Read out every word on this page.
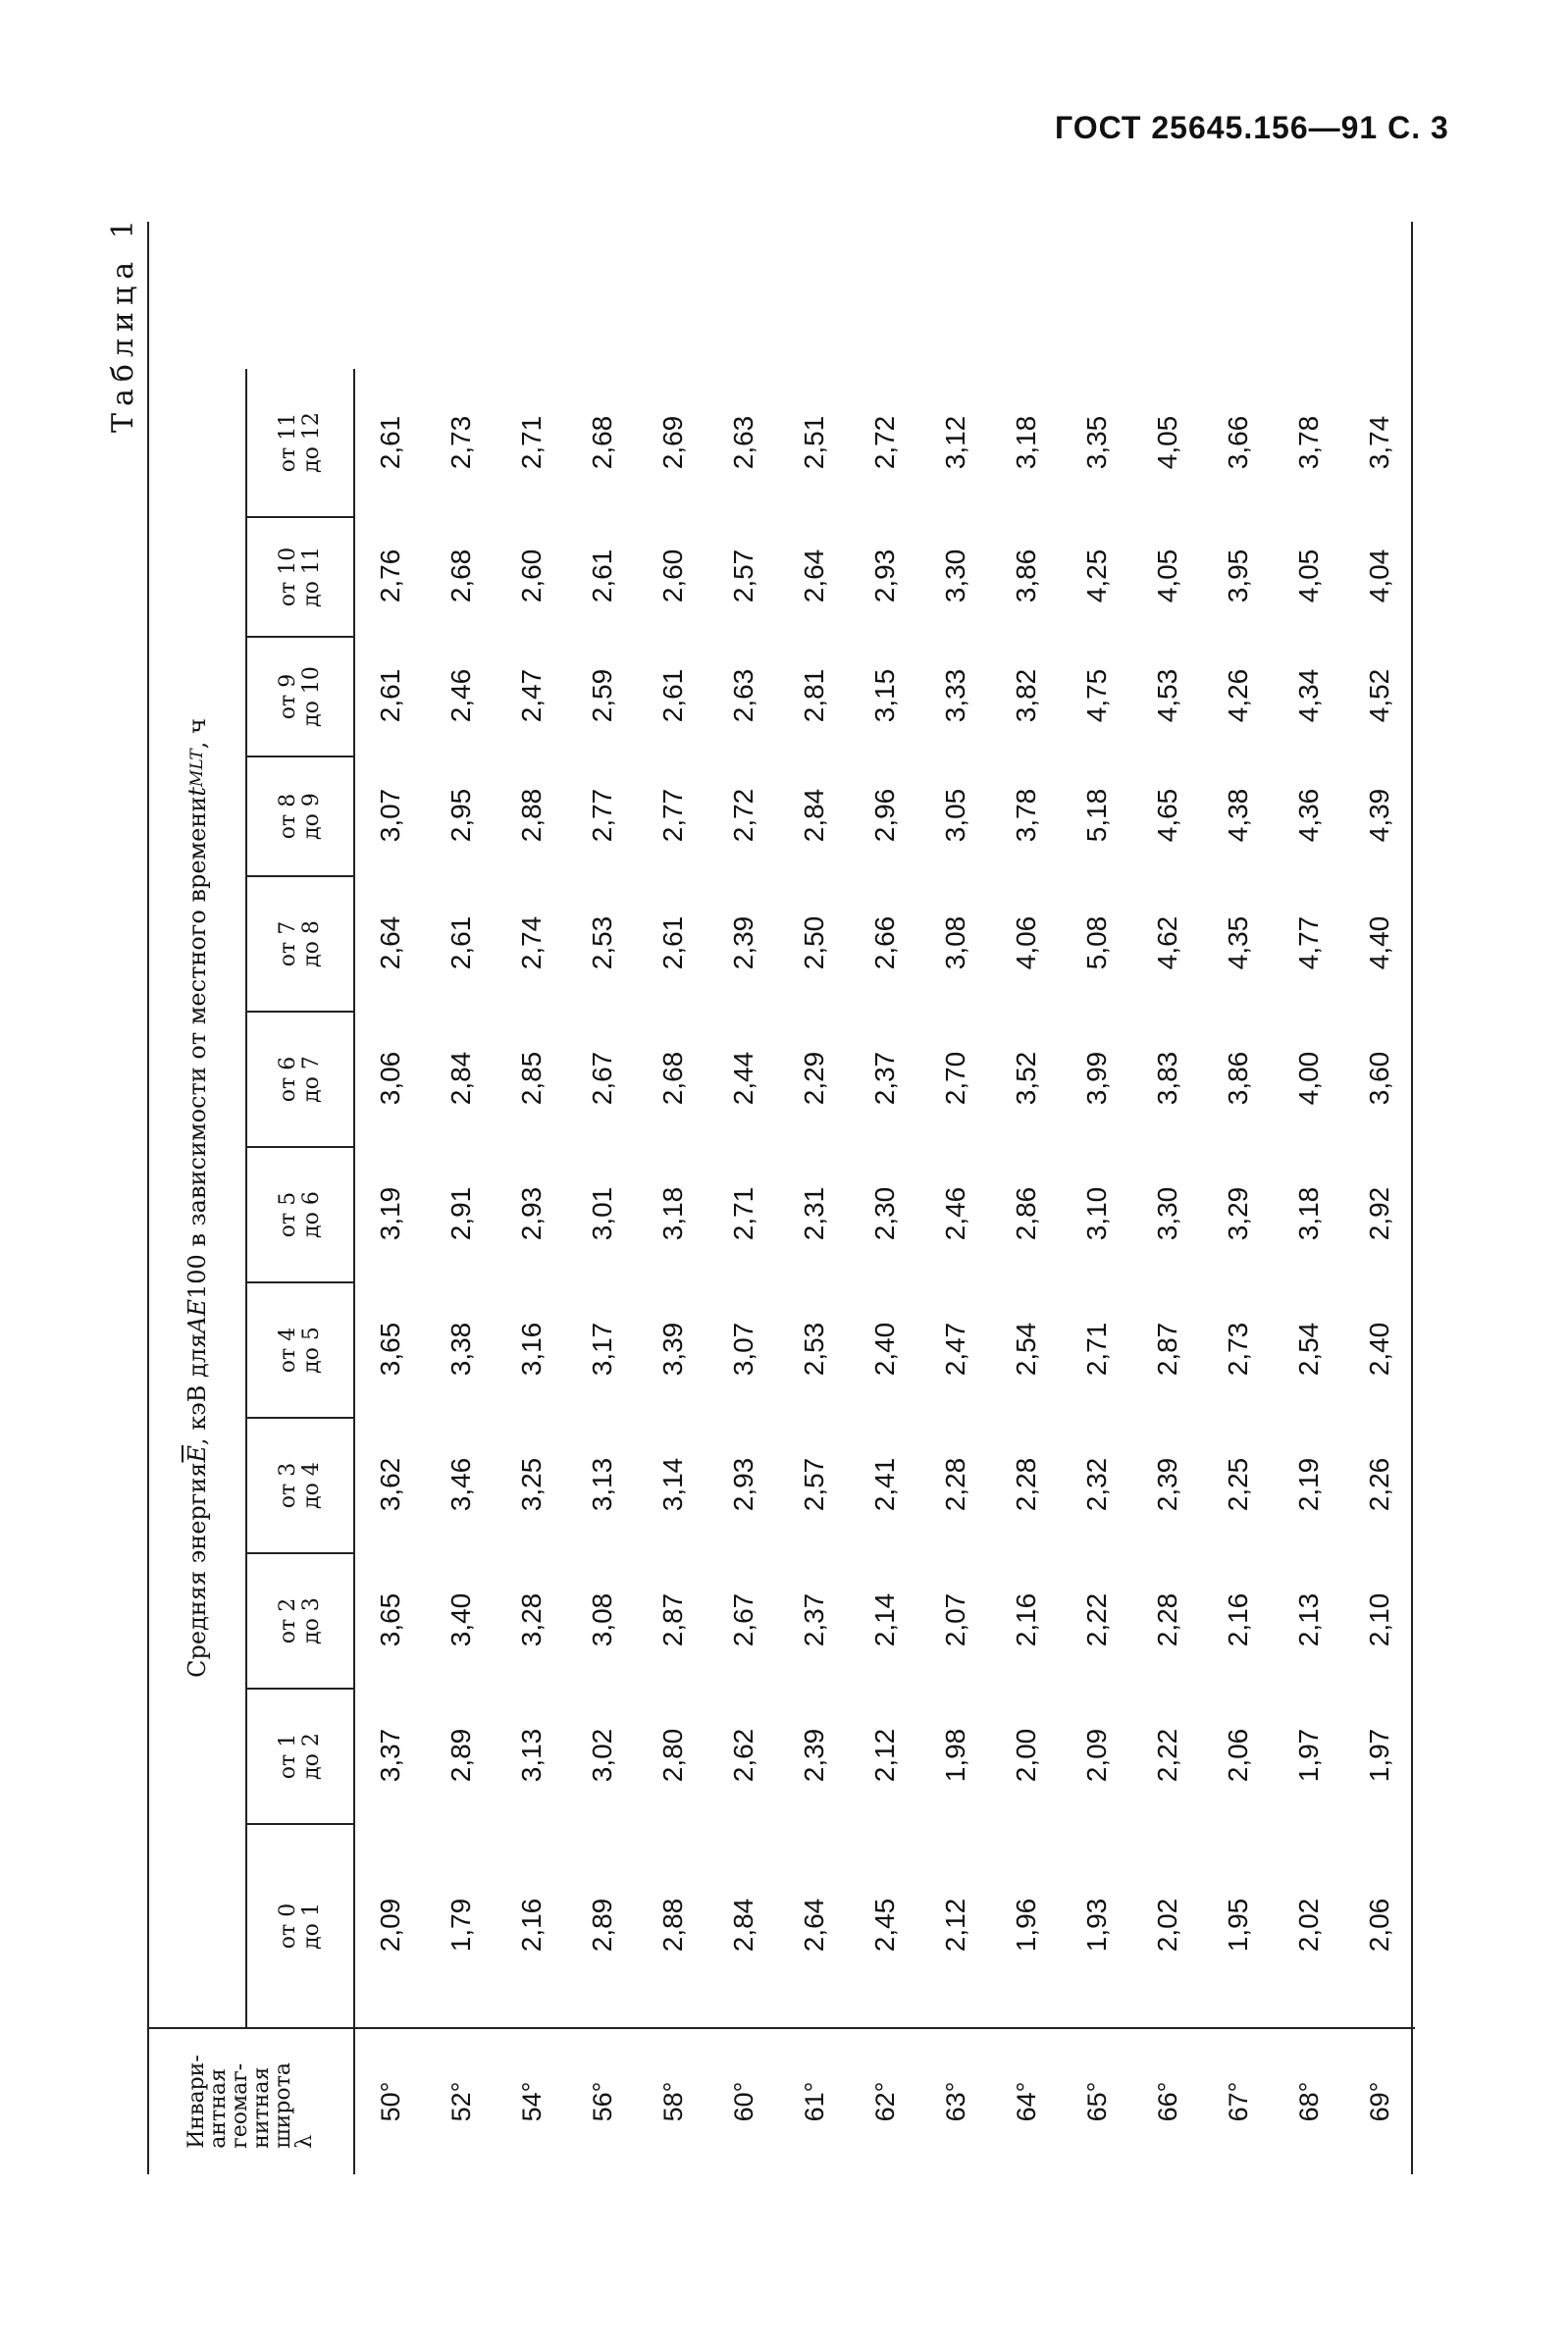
ГОСТ 25645.156—91 С. 3
Таблица 1
Инвари-
антная
геомаг-
нитная
широта
λ
Средняя энергия
$\overline{E}$
, кэВ для
AE
100 в зависимости от местного времени
t
MLT
, ч
от 0 до 1
от 1 до 2
от 2 до 3
от 3 до 4
от 4 до 5
от 5 до 6
от 6 до 7
от 7 до 8
от 8 до 9
от 9 до 10
от 10 до 11
от 11 до 12
50°
2,09
3,37
3,65
3,62
3,65
3,19
3,06
2,64
3,07
2,61
2,76
2,61
52°
1,79
2,89
3,40
3,46
3,38
2,91
2,84
2,61
2,95
2,46
2,68
2,73
54°
2,16
3,13
3,28
3,25
3,16
2,93
2,85
2,74
2,88
2,47
2,60
2,71
56°
2,89
3,02
3,08
3,13
3,17
3,01
2,67
2,53
2,77
2,59
2,61
2,68
58°
2,88
2,80
2,87
3,14
3,39
3,18
2,68
2,61
2,77
2,61
2,60
2,69
60°
2,84
2,62
2,67
2,93
3,07
2,71
2,44
2,39
2,72
2,63
2,57
2,63
61°
2,64
2,39
2,37
2,57
2,53
2,31
2,29
2,50
2,84
2,81
2,64
2,51
62°
2,45
2,12
2,14
2,41
2,40
2,30
2,37
2,66
2,96
3,15
2,93
2,72
63°
2,12
1,98
2,07
2,28
2,47
2,46
2,70
3,08
3,05
3,33
3,30
3,12
64°
1,96
2,00
2,16
2,28
2,54
2,86
3,52
4,06
3,78
3,82
3,86
3,18
65°
1,93
2,09
2,22
2,32
2,71
3,10
3,99
5,08
5,18
4,75
4,25
3,35
66°
2,02
2,22
2,28
2,39
2,87
3,30
3,83
4,62
4,65
4,53
4,05
4,05
67°
1,95
2,06
2,16
2,25
2,73
3,29
3,86
4,35
4,38
4,26
3,95
3,66
68°
2,02
1,97
2,13
2,19
2,54
3,18
4,00
4,77
4,36
4,34
4,05
3,78
69°
2,06
1,97
2,10
2,26
2,40
2,92
3,60
4,40
4,39
4,52
4,04
3,74
